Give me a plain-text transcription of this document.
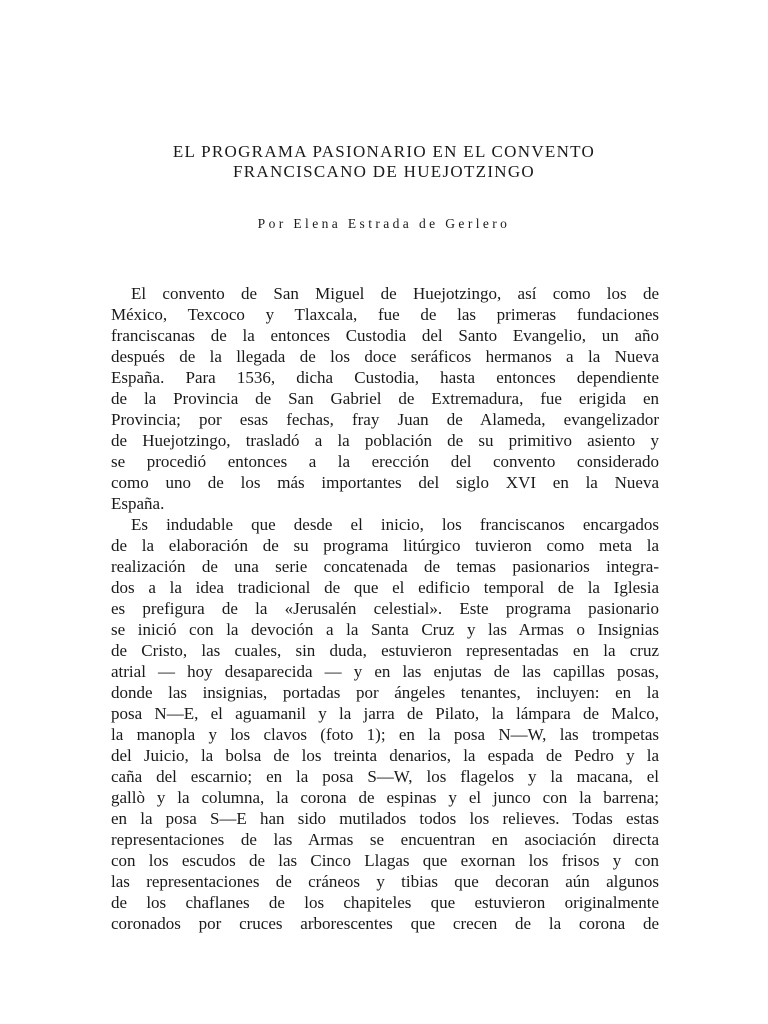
EL PROGRAMA PASIONARIO EN EL CONVENTO
FRANCISCANO DE HUEJOTZINGO
Por Elena Estrada de Gerlero
El convento de San Miguel de Huejotzingo, así como los de
México, Texcoco y Tlaxcala, fue de las primeras fundaciones
franciscanas de la entonces Custodia del Santo Evangelio, un año
después de la llegada de los doce seráficos hermanos a la Nueva
España. Para 1536, dicha Custodia, hasta entonces dependiente
de la Provincia de San Gabriel de Extremadura, fue erigida en
Provincia; por esas fechas, fray Juan de Alameda, evangelizador
de Huejotzingo, trasladó a la población de su primitivo asiento y
se procedió entonces a la erección del convento considerado
como uno de los más importantes del siglo XVI en la Nueva
España.
Es indudable que desde el inicio, los franciscanos encargados
de la elaboración de su programa litúrgico tuvieron como meta la
realización de una serie concatenada de temas pasionarios integra-
dos a la idea tradicional de que el edificio temporal de la Iglesia
es prefigura de la «Jerusalén celestial». Este programa pasionario
se inició con la devoción a la Santa Cruz y las Armas o Insignias
de Cristo, las cuales, sin duda, estuvieron representadas en la cruz
atrial — hoy desaparecida — y en las enjutas de las capillas posas,
donde las insignias, portadas por ángeles tenantes, incluyen: en la
posa N—E, el aguamanil y la jarra de Pilato, la lámpara de Malco,
la manopla y los clavos (foto 1); en la posa N—W, las trompetas
del Juicio, la bolsa de los treinta denarios, la espada de Pedro y la
caña del escarnio; en la posa S—W, los flagelos y la macana, el
gallò y la columna, la corona de espinas y el junco con la barrena;
en la posa S—E han sido mutilados todos los relieves. Todas estas
representaciones de las Armas se encuentran en asociación directa
con los escudos de las Cinco Llagas que exornan los frisos y con
las representaciones de cráneos y tibias que decoran aún algunos
de los chaflanes de los chapiteles que estuvieron originalmente
coronados por cruces arborescentes que crecen de la corona de
